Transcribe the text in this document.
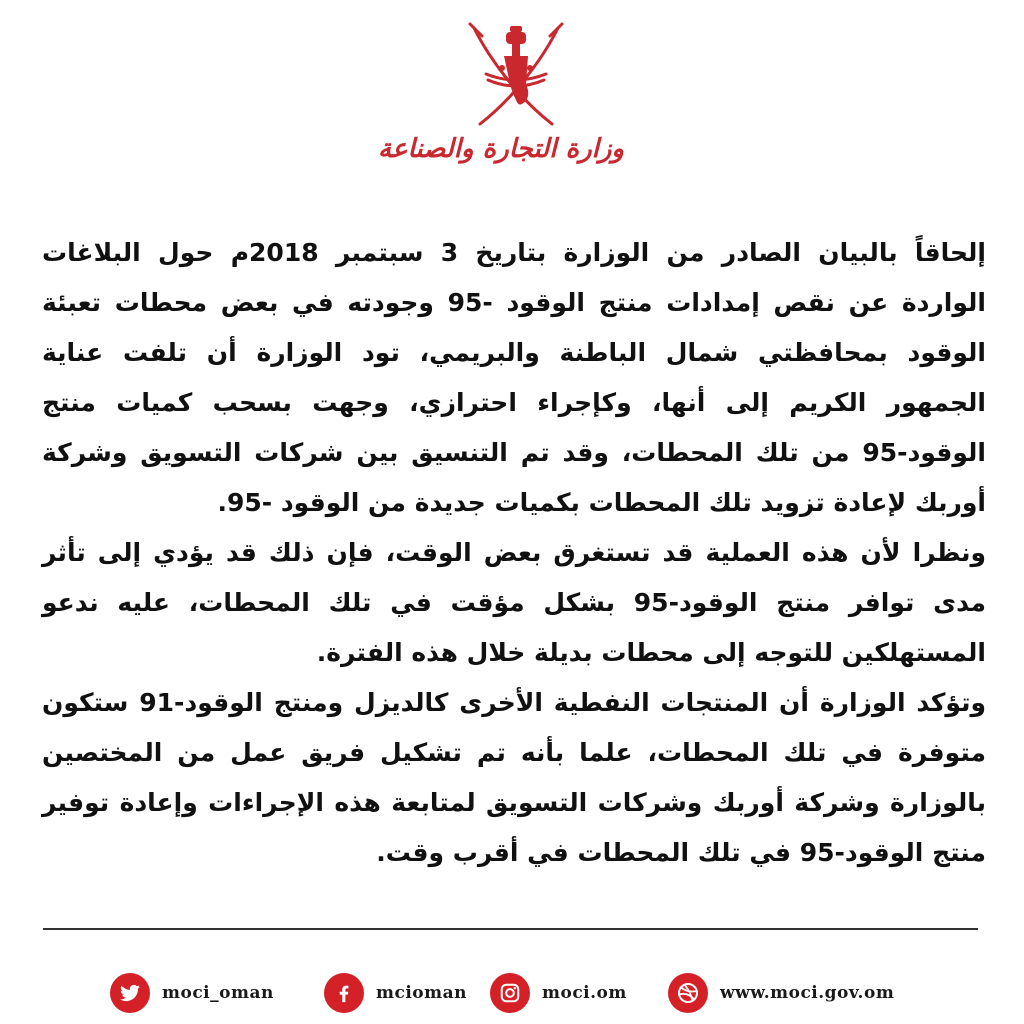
وزارة التجارة والصناعة

إلحاقاً بالبيان الصادر من الوزارة بتاريخ 3 سبتمبر 2018م حول البلاغات الواردة عن نقص إمدادات منتج الوقود -95 وجودته في بعض محطات تعبئة الوقود بمحافظتي شمال الباطنة والبريمي، تود الوزارة أن تلفت عناية الجمهور الكريم إلى أنها، وكإجراء احترازي، وجهت بسحب كميات منتج الوقود-95 من تلك المحطات، وقد تم التنسيق بين شركات التسويق وشركة أوربك لإعادة تزويد تلك المحطات بكميات جديدة من الوقود -95.

ونظرا لأن هذه العملية قد تستغرق بعض الوقت، فإن ذلك قد يؤدي إلى تأثر مدى توافر منتج الوقود-95 بشكل مؤقت في تلك المحطات، عليه ندعو المستهلكين للتوجه إلى محطات بديلة خلال هذه الفترة.

وتؤكد الوزارة أن المنتجات النفطية الأخرى كالديزل ومنتج الوقود-91 ستكون متوفرة في تلك المحطات، علما بأنه تم تشكيل فريق عمل من المختصين بالوزارة وشركة أوربك وشركات التسويق لمتابعة هذه الإجراءات وإعادة توفير منتج الوقود-95 في تلك المحطات في أقرب وقت.

moci_oman	mcioman	moci.om	www.moci.gov.om
